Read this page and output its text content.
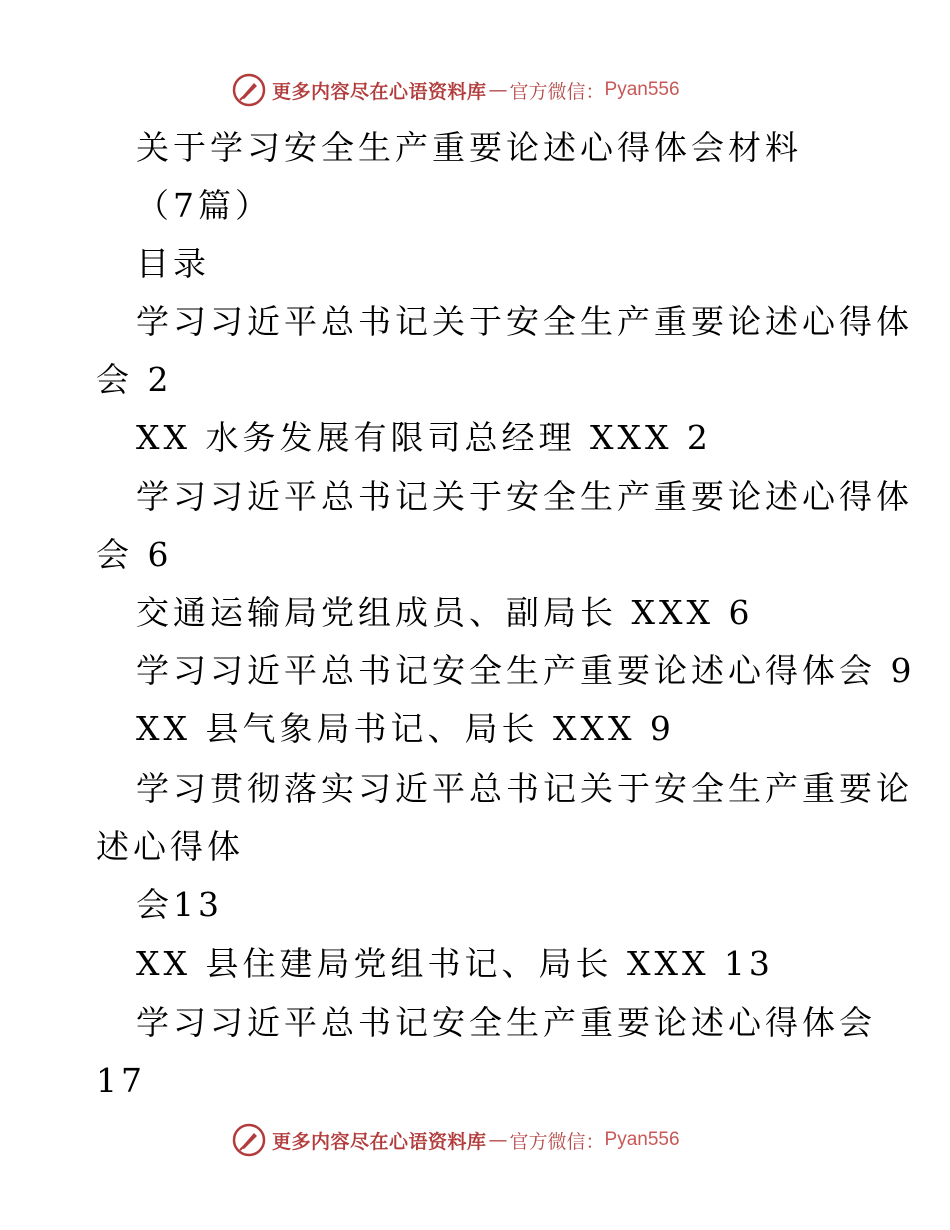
更多内容尽在心语资料库 — 官方微信： Pyan556
关于学习安全生产重要论述心得体会材料
（7篇）
目录
学习习近平总书记关于安全生产重要论述心得体
会 2
XX 水务发展有限司总经理 XXX 2
学习习近平总书记关于安全生产重要论述心得体
会 6
交通运输局党组成员、副局长 XXX 6
学习习近平总书记安全生产重要论述心得体会 9
XX 县气象局书记、局长 XXX 9
学习贯彻落实习近平总书记关于安全生产重要论
述心得体
会13
XX 县住建局党组书记、局长 XXX 13
学习习近平总书记安全生产重要论述心得体会
17
更多内容尽在心语资料库 — 官方微信： Pyan556
